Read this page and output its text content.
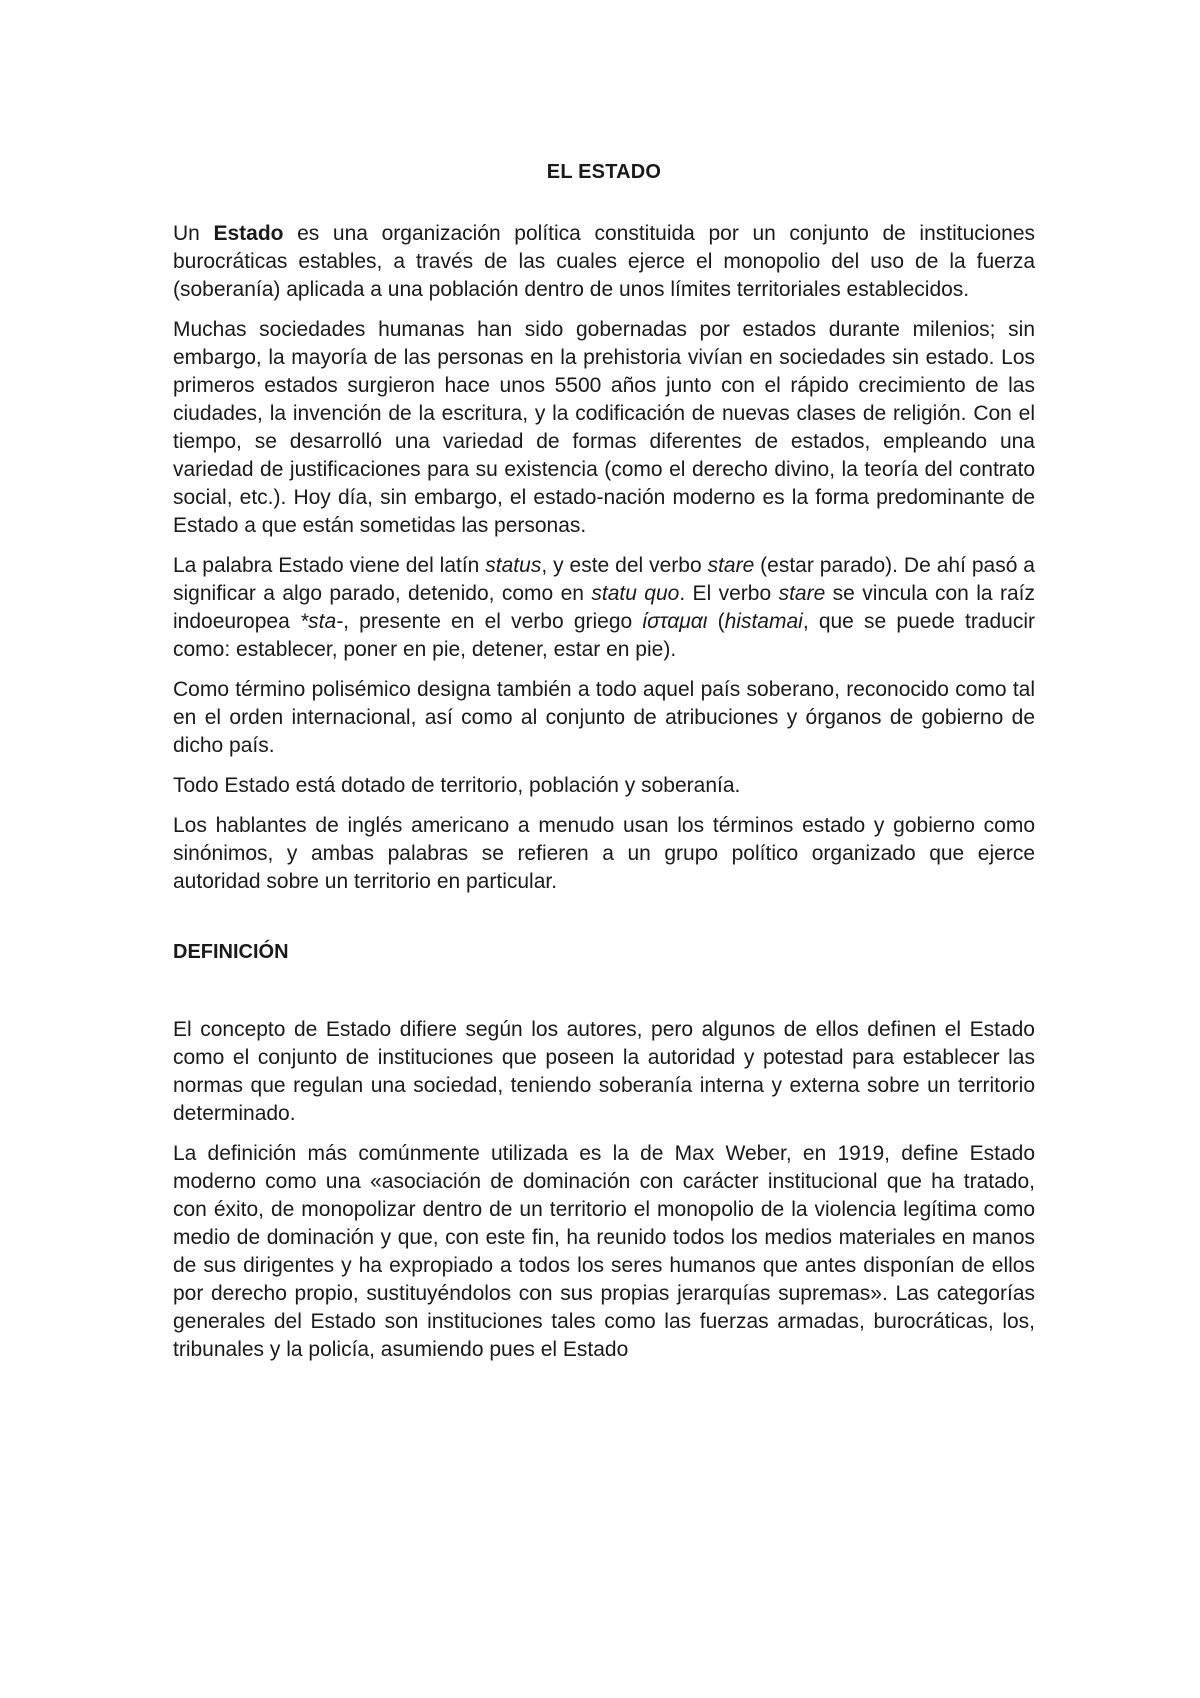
EL ESTADO

Un Estado es una organización política constituida por un conjunto de instituciones burocráticas estables, a través de las cuales ejerce el monopolio del uso de la fuerza (soberanía) aplicada a una población dentro de unos límites territoriales establecidos.

Muchas sociedades humanas han sido gobernadas por estados durante milenios; sin embargo, la mayoría de las personas en la prehistoria vivían en sociedades sin estado. Los primeros estados surgieron hace unos 5500 años junto con el rápido crecimiento de las ciudades, la invención de la escritura, y la codificación de nuevas clases de religión. Con el tiempo, se desarrolló una variedad de formas diferentes de estados, empleando una variedad de justificaciones para su existencia (como el derecho divino, la teoría del contrato social, etc.). Hoy día, sin embargo, el estado-nación moderno es la forma predominante de Estado a que están sometidas las personas.

La palabra Estado viene del latín status, y este del verbo stare (estar parado). De ahí pasó a significar a algo parado, detenido, como en statu quo. El verbo stare se vincula con la raíz indoeuropea *sta-, presente en el verbo griego ίσταμαι (histamai, que se puede traducir como: establecer, poner en pie, detener, estar en pie).

Como término polisémico designa también a todo aquel país soberano, reconocido como tal en el orden internacional, así como al conjunto de atribuciones y órganos de gobierno de dicho país.

Todo Estado está dotado de territorio, población y soberanía.

Los hablantes de inglés americano a menudo usan los términos estado y gobierno como sinónimos, y ambas palabras se refieren a un grupo político organizado que ejerce autoridad sobre un territorio en particular.

DEFINICIÓN

El concepto de Estado difiere según los autores, pero algunos de ellos definen el Estado como el conjunto de instituciones que poseen la autoridad y potestad para establecer las normas que regulan una sociedad, teniendo soberanía interna y externa sobre un territorio determinado.

La definición más comúnmente utilizada es la de Max Weber, en 1919, define Estado moderno como una «asociación de dominación con carácter institucional que ha tratado, con éxito, de monopolizar dentro de un territorio el monopolio de la violencia legítima como medio de dominación y que, con este fin, ha reunido todos los medios materiales en manos de sus dirigentes y ha expropiado a todos los seres humanos que antes disponían de ellos por derecho propio, sustituyéndolos con sus propias jerarquías supremas». Las categorías generales del Estado son instituciones tales como las fuerzas armadas, burocráticas, los, tribunales y la policía, asumiendo pues el Estado
